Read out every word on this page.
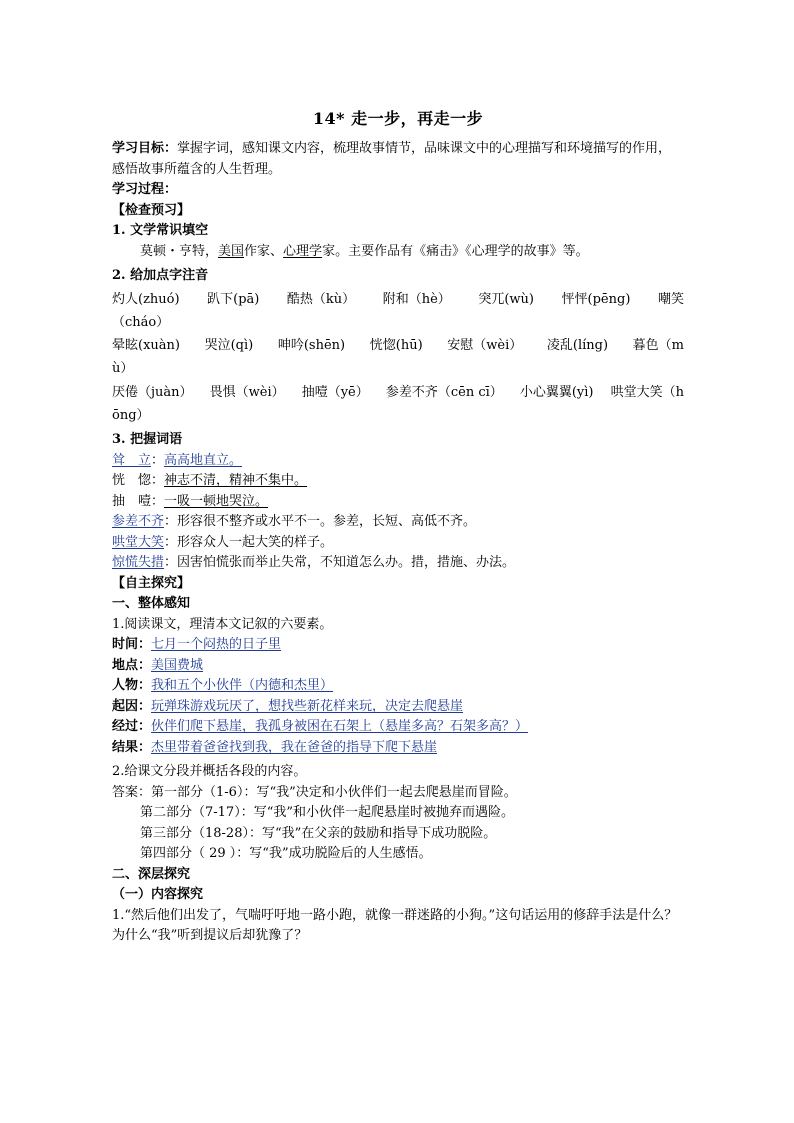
14* 走一步，再走一步

学习目标：掌握字词，感知课文内容，梳理故事情节，品味课文中的心理描写和环境描写的作用，感悟故事所蕴含的人生哲理。

学习过程：

【检查预习】

1. 文学常识填空

莫顿・亨特，美国作家、心理学家。主要作品有《痛击》《心理学的故事》等。

2. 给加点字注音

灼人(zhuó) 趴下(pā) 酷热（kù） 附和（hè） 突兀(wù) 怦怦(pēng) 嘲笑

（cháo）

晕眩(xuàn) 哭泣(qì) 呻吟(shēn) 恍惚(hū) 安慰（wèi） 凌乱(líng) 暮色（m

ù）

厌倦（juàn） 畏惧（wèi） 抽噎（yē） 参差不齐（cēn cī） 小心翼翼(yì) 哄堂大笑（h

ōng）

3. 把握词语

耸　立：高高地直立。

恍　惚：神志不清，精神不集中。

抽　噎：一吸一顿地哭泣。

参差不齐：形容很不整齐或水平不一。参差，长短、高低不齐。

哄堂大笑：形容众人一起大笑的样子。

惊慌失措：因害怕慌张而举止失常，不知道怎么办。措，措施、办法。

【自主探究】

一、整体感知

1.阅读课文，理清本文记叙的六要素。

时间：七月一个闷热的日子里

地点：美国费城

人物：我和五个小伙伴（内德和杰里）

起因：玩弹珠游戏玩厌了，想找些新花样来玩，决定去爬悬崖

经过：伙伴们爬下悬崖，我孤身被困在石架上（悬崖多高？石架多高？）

结果：杰里带着爸爸找到我，我在爸爸的指导下爬下悬崖

2.给课文分段并概括各段的内容。

答案：第一部分（1-6）：写“我”决定和小伙伴们一起去爬悬崖而冒险。

第二部分（7-17）：写“我”和小伙伴一起爬悬崖时被抛弃而遇险。

第三部分（18-28）：写“我”在父亲的鼓励和指导下成功脱险。

第四部分（ 29 ）：写“我”成功脱险后的人生感悟。

二、深层探究

（一）内容探究

1.“然后他们出发了，气喘吁吁地一路小跑，就像一群迷路的小狗。”这句话运用的修辞手法是什么？为什么“我”听到提议后却犹豫了？
